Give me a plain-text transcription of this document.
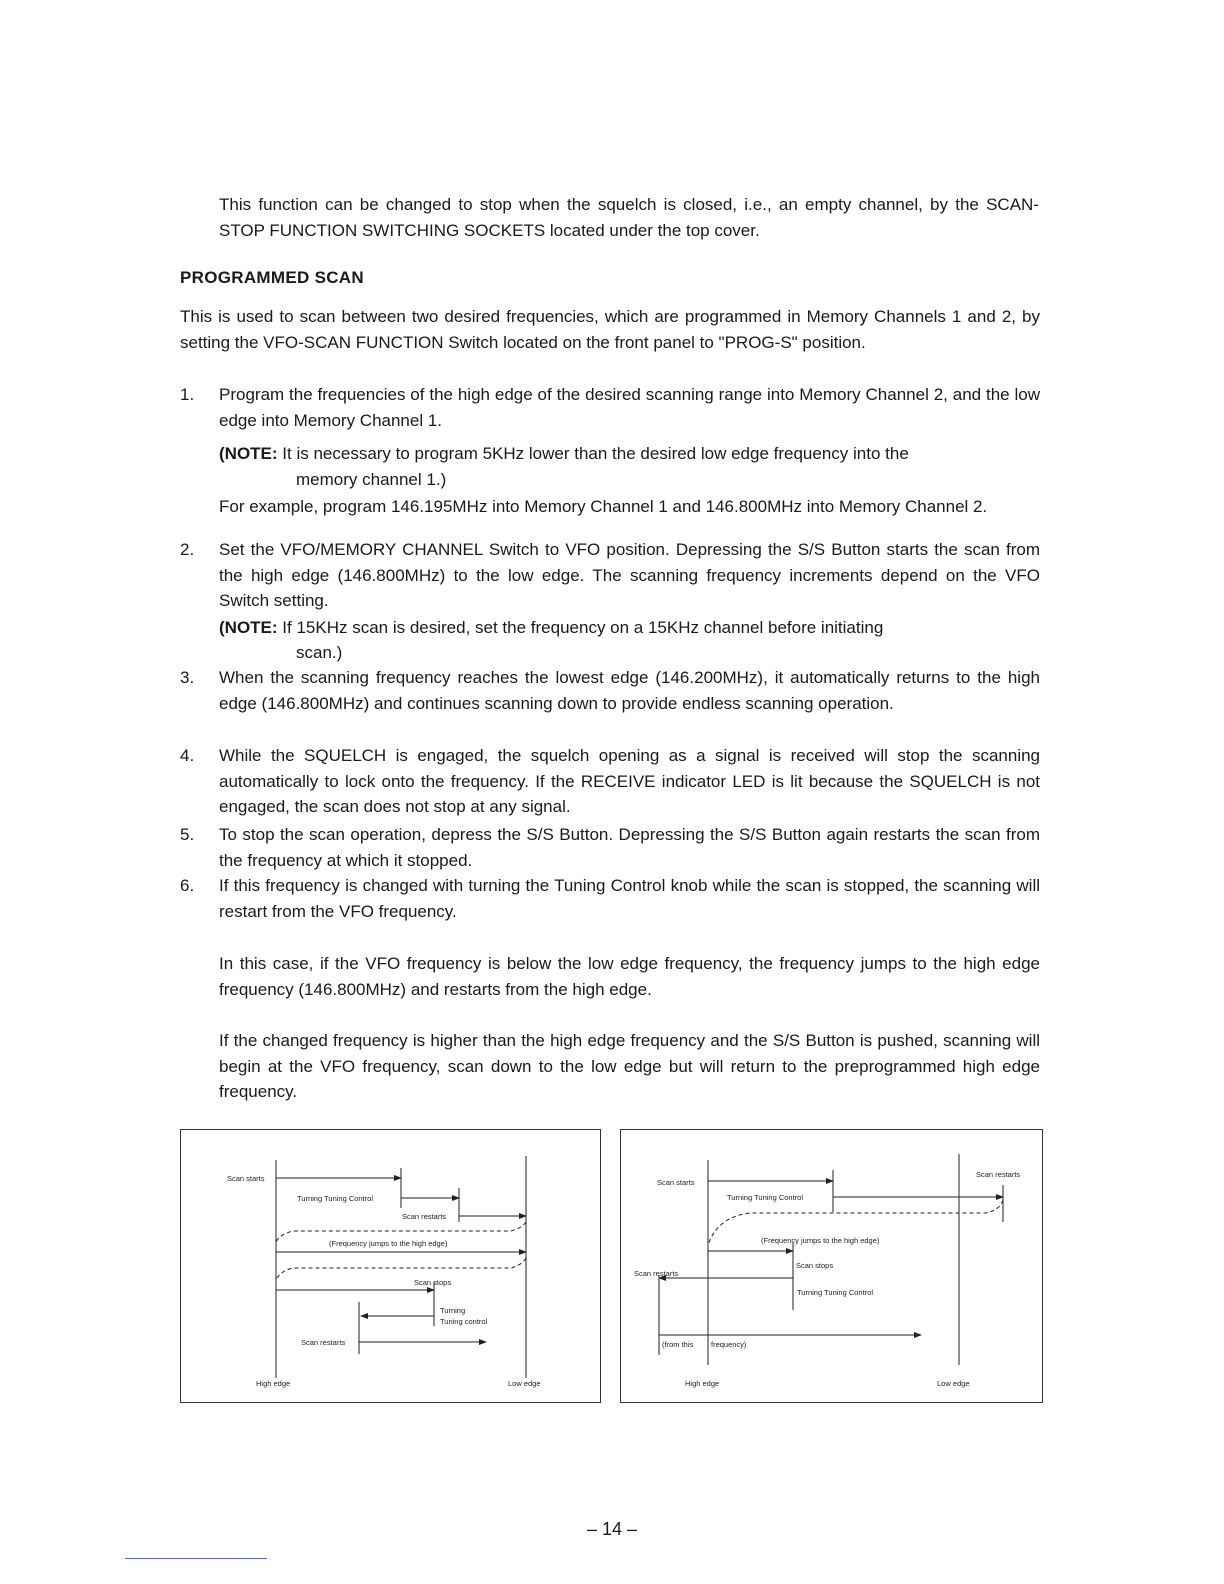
This function can be changed to stop when the squelch is closed, i.e., an empty channel, by the SCAN-STOP FUNCTION SWITCHING SOCKETS located under the top cover.

PROGRAMMED SCAN

This is used to scan between two desired frequencies, which are programmed in Memory Channels 1 and 2, by setting the VFO-SCAN FUNCTION Switch located on the front panel to "PROG-S" position.

1.	Program the frequencies of the high edge of the desired scanning range into Memory Channel 2, and the low edge into Memory Channel 1.
(NOTE: It is necessary to program 5KHz lower than the desired low edge frequency into the
memory channel 1.)
For example, program 146.195MHz into Memory Channel 1 and 146.800MHz into Memory Channel 2.
2.	Set the VFO/MEMORY CHANNEL Switch to VFO position. Depressing the S/S Button starts the scan from the high edge (146.800MHz) to the low edge. The scanning frequency increments depend on the VFO Switch setting.
(NOTE: If 15KHz scan is desired, set the frequency on a 15KHz channel before initiating
scan.)
3.	When the scanning frequency reaches the lowest edge (146.200MHz), it automatically returns to the high edge (146.800MHz) and continues scanning down to provide endless scanning operation.
4.	While the SQUELCH is engaged, the squelch opening as a signal is received will stop the scanning automatically to lock onto the frequency. If the RECEIVE indicator LED is lit because the SQUELCH is not engaged, the scan does not stop at any signal.
5.	To stop the scan operation, depress the S/S Button. Depressing the S/S Button again restarts the scan from the frequency at which it stopped.
6.	If this frequency is changed with turning the Tuning Control knob while the scan is stopped, the scanning will restart from the VFO frequency.

In this case, if the VFO frequency is below the low edge frequency, the frequency jumps to the high edge frequency (146.800MHz) and restarts from the high edge.

If the changed frequency is higher than the high edge frequency and the S/S Button is pushed, scanning will begin at the VFO frequency, scan down to the low edge but will return to the preprogrammed high edge frequency.

Scan starts
Turning Tuning Control
Scan restarts
(Frequency jumps to the high edge)
Scan stops
Turning
Tuning control
Scan restarts
High edge	Low edge
Scan starts
Scan restarts
Turning Tuning Control
(Frequency jumps to the high edge)
Scan stops
Scan restarts
Turning Tuning Control
(from this frequency)
High edge	Low edge
– 14 –
